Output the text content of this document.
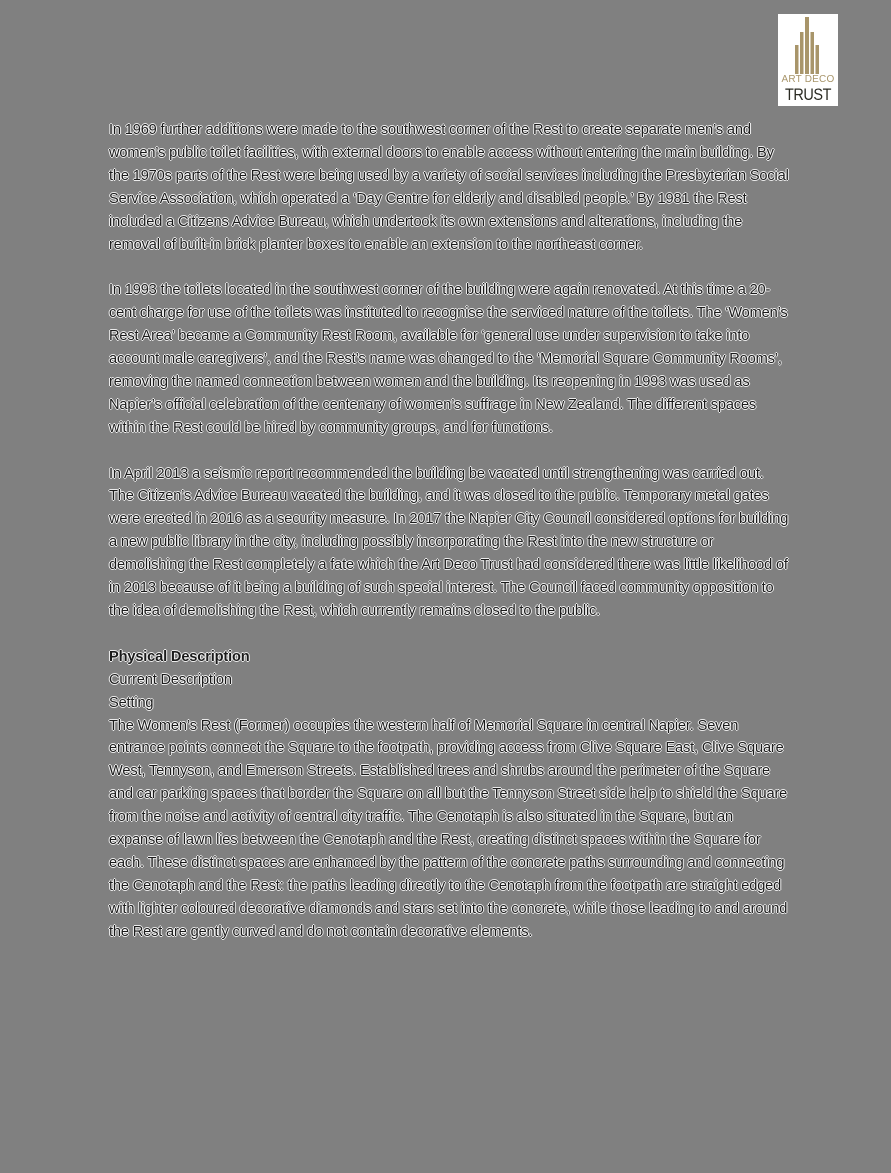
ART DECO
TRUST

In 1969 further additions were made to the southwest corner of the Rest to create separate men’s and women’s public toilet facilities, with external doors to enable access without entering the main building. By the 1970s parts of the Rest were being used by a variety of social services including the Presbyterian Social Service Association, which operated a ‘Day Centre for elderly and disabled people.’ By 1981 the Rest included a Citizens Advice Bureau, which undertook its own extensions and alterations, including the removal of built-in brick planter boxes to enable an extension to the northeast corner.

In 1993 the toilets located in the southwest corner of the building were again renovated. At this time a 20-cent charge for use of the toilets was instituted to recognise the serviced nature of the toilets. The ‘Women’s Rest Area’ became a Community Rest Room, available for ‘general use under supervision to take into account male caregivers’, and the Rest’s name was changed to the ‘Memorial Square Community Rooms’, removing the named connection between women and the building. Its reopening in 1993 was used as Napier’s official celebration of the centenary of women’s suffrage in New Zealand. The different spaces within the Rest could be hired by community groups, and for functions.

In April 2013 a seismic report recommended the building be vacated until strengthening was carried out. The Citizen’s Advice Bureau vacated the building, and it was closed to the public. Temporary metal gates were erected in 2016 as a security measure. In 2017 the Napier City Council considered options for building a new public library in the city, including possibly incorporating the Rest into the new structure or demolishing the Rest completely a fate which the Art Deco Trust had considered there was little likelihood of in 2013 because of it being a building of such special interest. The Council faced community opposition to the idea of demolishing the Rest, which currently remains closed to the public.

Physical Description
Current Description
Setting
The Women’s Rest (Former) occupies the western half of Memorial Square in central Napier. Seven entrance points connect the Square to the footpath, providing access from Clive Square East, Clive Square West, Tennyson, and Emerson Streets. Established trees and shrubs around the perimeter of the Square and car parking spaces that border the Square on all but the Tennyson Street side help to shield the Square from the noise and activity of central city traffic. The Cenotaph is also situated in the Square, but an expanse of lawn lies between the Cenotaph and the Rest, creating distinct spaces within the Square for each. These distinct spaces are enhanced by the pattern of the concrete paths surrounding and connecting the Cenotaph and the Rest: the paths leading directly to the Cenotaph from the footpath are straight edged with lighter coloured decorative diamonds and stars set into the concrete, while those leading to and around the Rest are gently curved and do not contain decorative elements.
